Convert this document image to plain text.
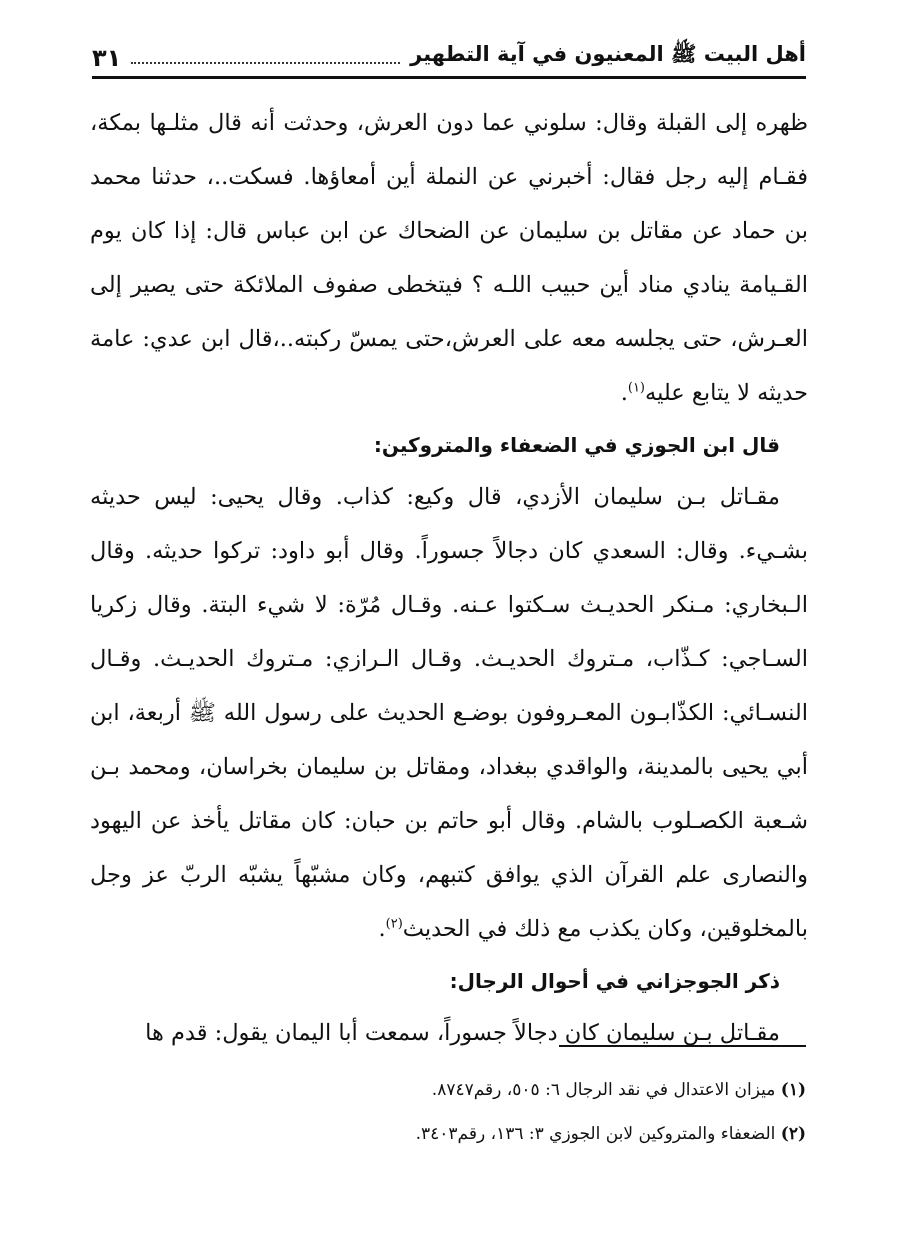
أهل البيت ﷺ المعنيون في آية التطهير
٣١

ظهره إلى القبلة وقال: سلوني عما دون العرش، وحدثت أنه قال مثلـها بمكة، فقـام إليه رجل فقال: أخبرني عن النملة أين أمعاؤها. فسكت..، حدثنا محمد بن حماد عن مقاتل بن سليمان عن الضحاك عن ابن عباس قال: إذا كان يوم القـيامة ينادي مناد أين حبيب اللـه ؟ فيتخطى صفوف الملائكة حتى يصير إلى العـرش، حتى يجلسه معه على العرش،حتى يمسّ ركبته..،قال ابن عدي: عامة حديثه لا يتابع عليه$^{(١)}$.

قال ابن الجوزي في الضعفاء والمتروكين:

مقـاتل بـن سليمان الأزدي، قال وكيع: كذاب. وقال يحيى: ليس حديثه بشـيء. وقال: السعدي كان دجالاً جسوراً. وقال أبو داود: تركوا حديثه. وقال الـبخاري: مـنكر الحديـث سـكتوا عـنه. وقـال مُرّة: لا شيء البتة. وقال زكريا السـاجي: كـذّاب، مـتروك الحديـث. وقـال الـرازي: مـتروك الحديـث. وقـال النسـائي: الكذّابـون المعـروفون بوضـع الحديث على رسول الله ﷺ أربعة، ابن أبي يحيى بالمدينة، والواقدي ببغداد، ومقاتل بن سليمان بخراسان، ومحمد بـن شـعبة الكصـلوب بالشام. وقال أبو حاتم بن حبان: كان مقاتل يأخذ عن اليهود والنصارى علم القرآن الذي يوافق كتبهم، وكان مشبّهاً يشبّه الربّ عز وجل بالمخلوقين، وكان يكذب مع ذلك في الحديث$^{(٢)}$.

ذكر الجوجزاني في أحوال الرجال:

مقـاتل بـن سليمان كان دجالاً جسوراً، سمعت أبا اليمان يقول: قدم ها

(١) ميزان الاعتدال في نقد الرجال ٦: ٥٠٥، رقم٨٧٤٧.

(٢) الضعفاء والمتروكين لابن الجوزي ٣: ١٣٦، رقم٣٤٠٣.
